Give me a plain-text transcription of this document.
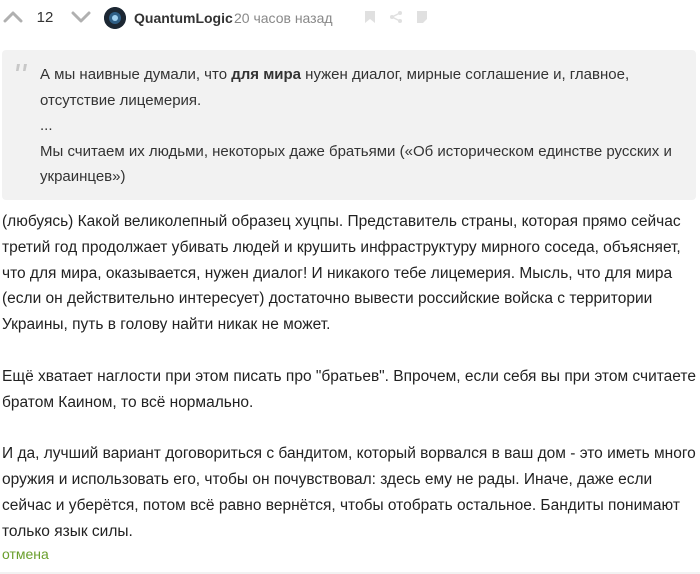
12	QuantumLogic 20 часов назад

А мы наивные думали, что для мира нужен диалог, мирные соглашение и, главное, отсутствие лицемерия.

...

Мы считаем их людьми, некоторых даже братьями («Об историческом единстве русских и украинцев»)

(любуясь) Какой великолепный образец хуцпы. Представитель страны, которая прямо сейчас третий год продолжает убивать людей и крушить инфраструктуру мирного соседа, объясняет, что для мира, оказывается, нужен диалог! И никакого тебе лицемерия. Мысль, что для мира (если он действительно интересует) достаточно вывести российские войска с территории Украины, путь в голову найти никак не может.

Ещё хватает наглости при этом писать про "братьев". Впрочем, если себя вы при этом считаете братом Каином, то всё нормально.

И да, лучший вариант договориться с бандитом, который ворвался в ваш дом - это иметь много оружия и использовать его, чтобы он почувствовал: здесь ему не рады. Иначе, даже если сейчас и уберётся, потом всё равно вернётся, чтобы отобрать остальное. Бандиты понимают только язык силы.

отмена
